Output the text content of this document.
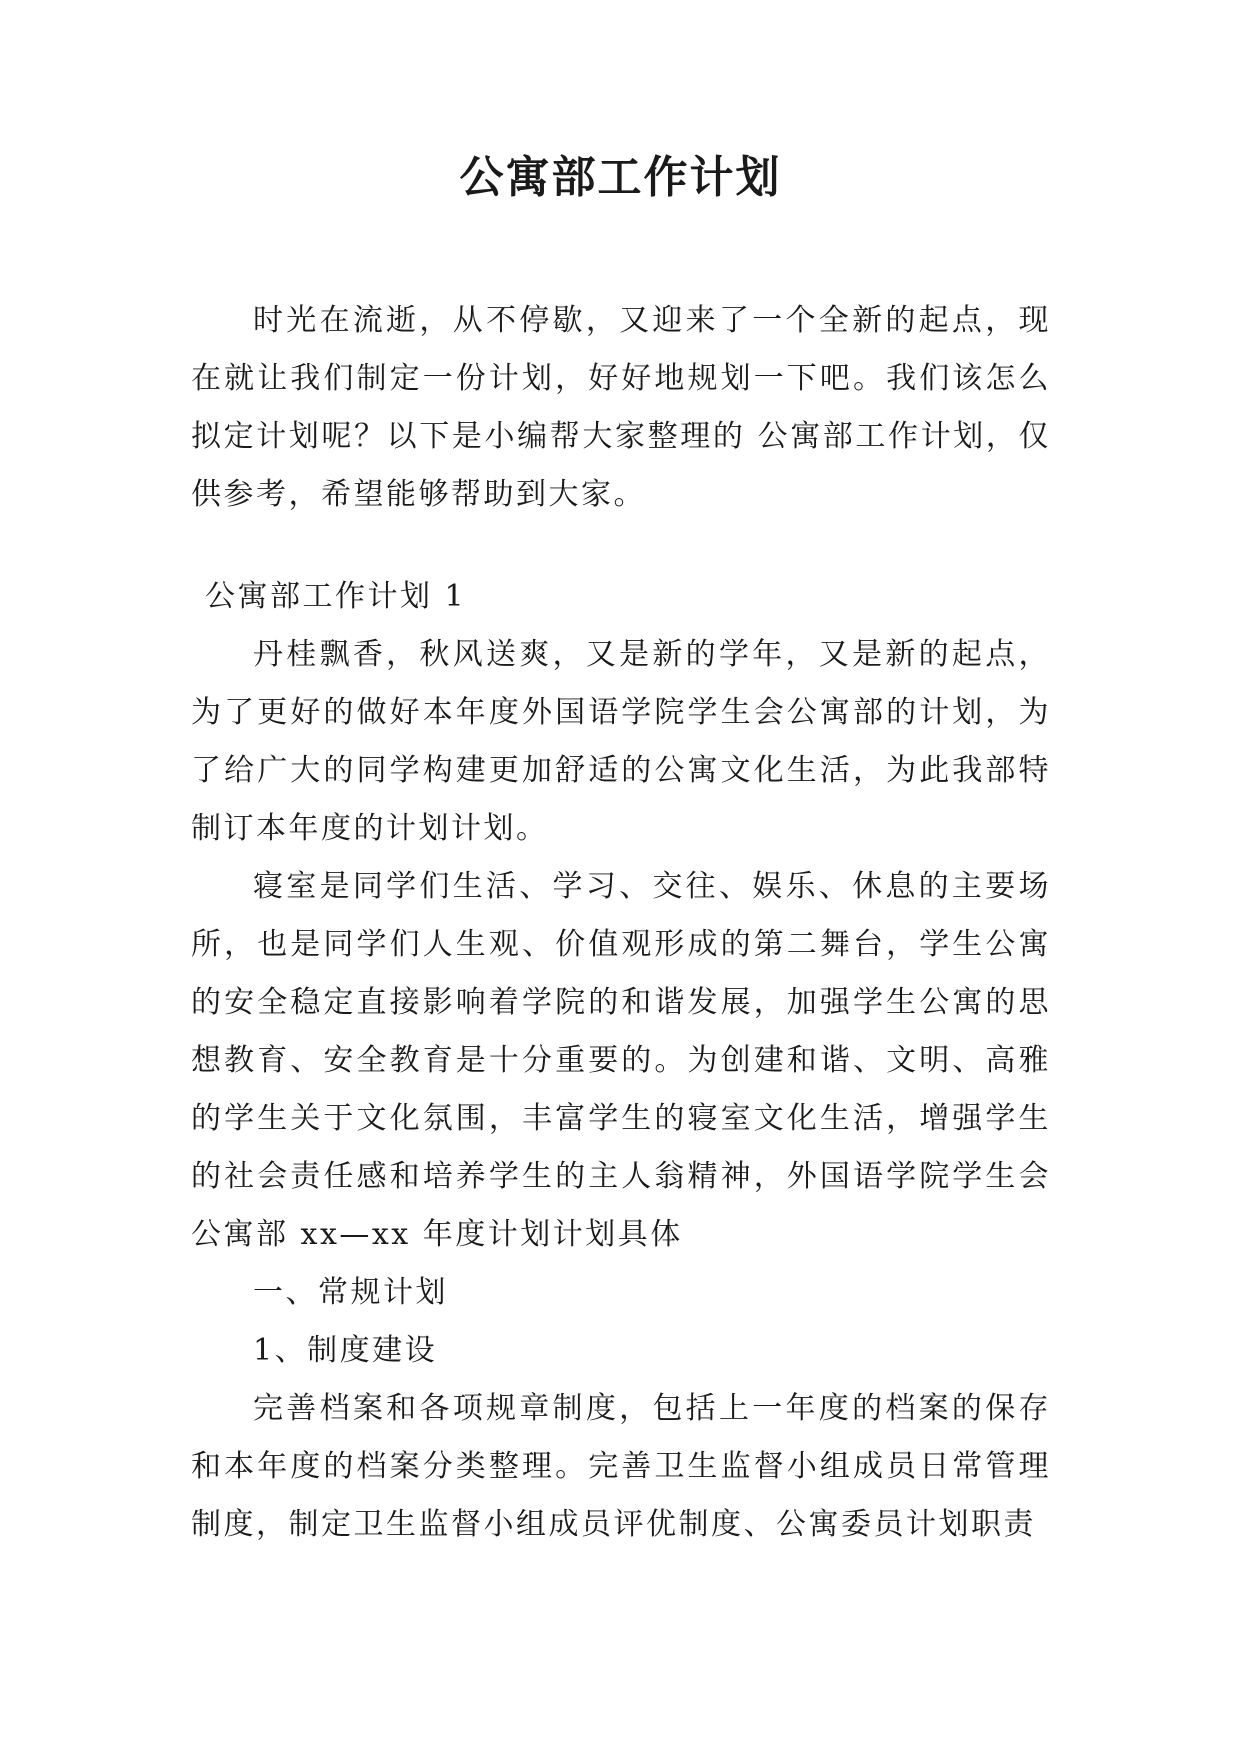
公寓部工作计划

时光在流逝，从不停歇，又迎来了一个全新的起点，现在就让我们制定一份计划，好好地规划一下吧。我们该怎么拟定计划呢？以下是小编帮大家整理的 公寓部工作计划，仅供参考，希望能够帮助到大家。

公寓部工作计划 1

丹桂飘香，秋风送爽，又是新的学年，又是新的起点，为了更好的做好本年度外国语学院学生会公寓部的计划，为了给广大的同学构建更加舒适的公寓文化生活，为此我部特制订本年度的计划计划。

寝室是同学们生活、学习、交往、娱乐、休息的主要场所，也是同学们人生观、价值观形成的第二舞台，学生公寓的安全稳定直接影响着学院的和谐发展，加强学生公寓的思想教育、安全教育是十分重要的。为创建和谐、文明、高雅的学生关于文化氛围，丰富学生的寝室文化生活，增强学生的社会责任感和培养学生的主人翁精神，外国语学院学生会公寓部 xx—xx 年度计划计划具体

一、常规计划

1、制度建设

完善档案和各项规章制度，包括上一年度的档案的保存和本年度的档案分类整理。完善卫生监督小组成员日常管理制度，制定卫生监督小组成员评优制度、公寓委员计划职责
